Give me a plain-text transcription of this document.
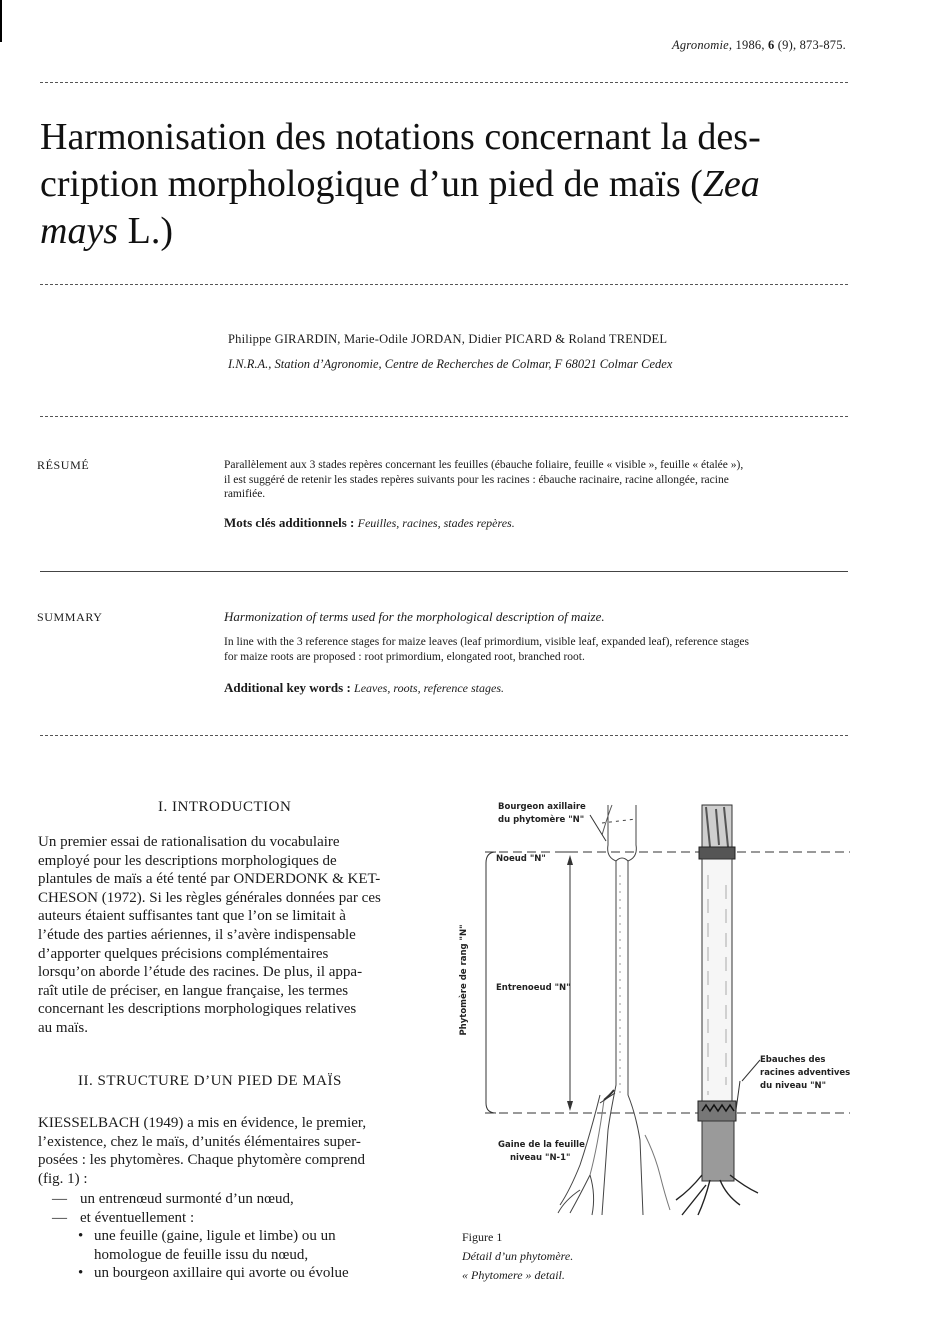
Agronomie, 1986, 6 (9), 873-875.
Harmonisation des notations concernant la des-
cription morphologique d’un pied de maïs (Zea
mays L.)
Philippe GIRARDIN, Marie-Odile JORDAN, Didier PICARD & Roland TRENDEL
I.N.R.A., Station d’Agronomie, Centre de Recherches de Colmar, F 68021 Colmar Cedex
RÉSUMÉ	Parallèlement aux 3 stades repères concernant les feuilles (ébauche foliaire, feuille « visible », feuille « étalée »),
il est suggéré de retenir les stades repères suivants pour les racines : ébauche racinaire, racine allongée, racine
ramifiée.
Mots clés additionnels : Feuilles, racines, stades repères.
SUMMARY	Harmonization of terms used for the morphological description of maize.
In line with the 3 reference stages for maize leaves (leaf primordium, visible leaf, expanded leaf), reference stages
for maize roots are proposed : root primordium, elongated root, branched root.
Additional key words : Leaves, roots, reference stages.
I. INTRODUCTION
Un premier essai de rationalisation du vocabulaire
employé pour les descriptions morphologiques de
plantules de maïs a été tenté par ONDERDONK & KET-
CHESON (1972). Si les règles générales données par ces
auteurs étaient suffisantes tant que l’on se limitait à
l’étude des parties aériennes, il s’avère indispensable
d’apporter quelques précisions complémentaires
lorsqu’on aborde l’étude des racines. De plus, il appa-
raît utile de préciser, en langue française, les termes
concernant les descriptions morphologiques relatives
au maïs.
II. STRUCTURE D’UN PIED DE MAÏS
KIESSELBACH (1949) a mis en évidence, le premier,
l’existence, chez le maïs, d’unités élémentaires super-
posées : les phytomères. Chaque phytomère comprend
(fig. 1) :
— un entrenœud surmonté d’un nœud,
— et éventuellement :
• une feuille (gaine, ligule et limbe) ou un
homologue de feuille issu du nœud,
• un bourgeon axillaire qui avorte ou évolue
Bourgeon axillaire
du phytomère "N"
Noeud "N"
Entrenoeud "N"
Gaine de la feuille
niveau "N-1"
Ebauches des
racines adventives
du niveau "N"
Phytomère de rang "N"
Figure 1
Détail d’un phytomère.
« Phytomere » detail.
